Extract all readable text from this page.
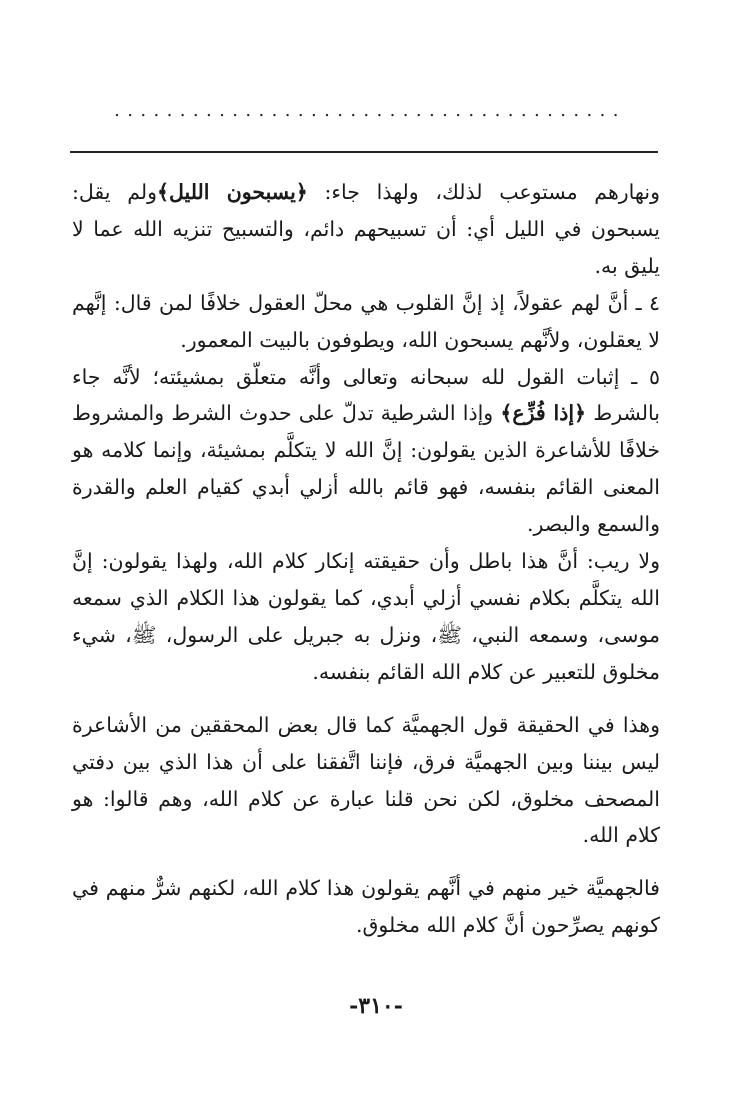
.......................................

ونهارهم مستوعب لذلك، ولهذا جاء: ﴿يسبحون الليل﴾ولم يقل: يسبحون في الليل أي: أن تسبيحهم دائم، والتسبيح تنزيه الله عما لا يليق به.

٤ ـ أنَّ لهم عقولاً، إذ إنَّ القلوب هي محلّ العقول خلافًا لمن قال: إنَّهم لا يعقلون، ولأنَّهم يسبحون الله، ويطوفون بالبيت المعمور.

٥ ـ إثبات القول لله سبحانه وتعالى وأنَّه متعلّق بمشيئته؛ لأنَّه جاء بالشرط ﴿إذا فُزِّع﴾ وإذا الشرطية تدلّ على حدوث الشرط والمشروط خلافًا للأشاعرة الذين يقولون: إنَّ الله لا يتكلَّم بمشيئة، وإنما كلامه هو المعنى القائم بنفسه، فهو قائم بالله أزلي أبدي كقيام العلم والقدرة والسمع والبصر.

ولا ريب: أنَّ هذا باطل وأن حقيقته إنكار كلام الله، ولهذا يقولون: إنَّ الله يتكلَّم بكلام نفسي أزلي أبدي، كما يقولون هذا الكلام الذي سمعه موسى، وسمعه النبي، ﷺ، ونزل به جبريل على الرسول، ﷺ، شيء مخلوق للتعبير عن كلام الله القائم بنفسه.

وهذا في الحقيقة قول الجهميَّة كما قال بعض المحققين من الأشاعرة ليس بيننا وبين الجهميَّة فرق، فإننا اتَّفقنا على أن هذا الذي بين دفتي المصحف مخلوق، لكن نحن قلنا عبارة عن كلام الله، وهم قالوا: هو كلام الله.

فالجهميَّة خير منهم في أنَّهم يقولون هذا كلام الله، لكنهم شرٌّ منهم في كونهم يصرِّحون أنَّ كلام الله مخلوق.

-٣١٠-
